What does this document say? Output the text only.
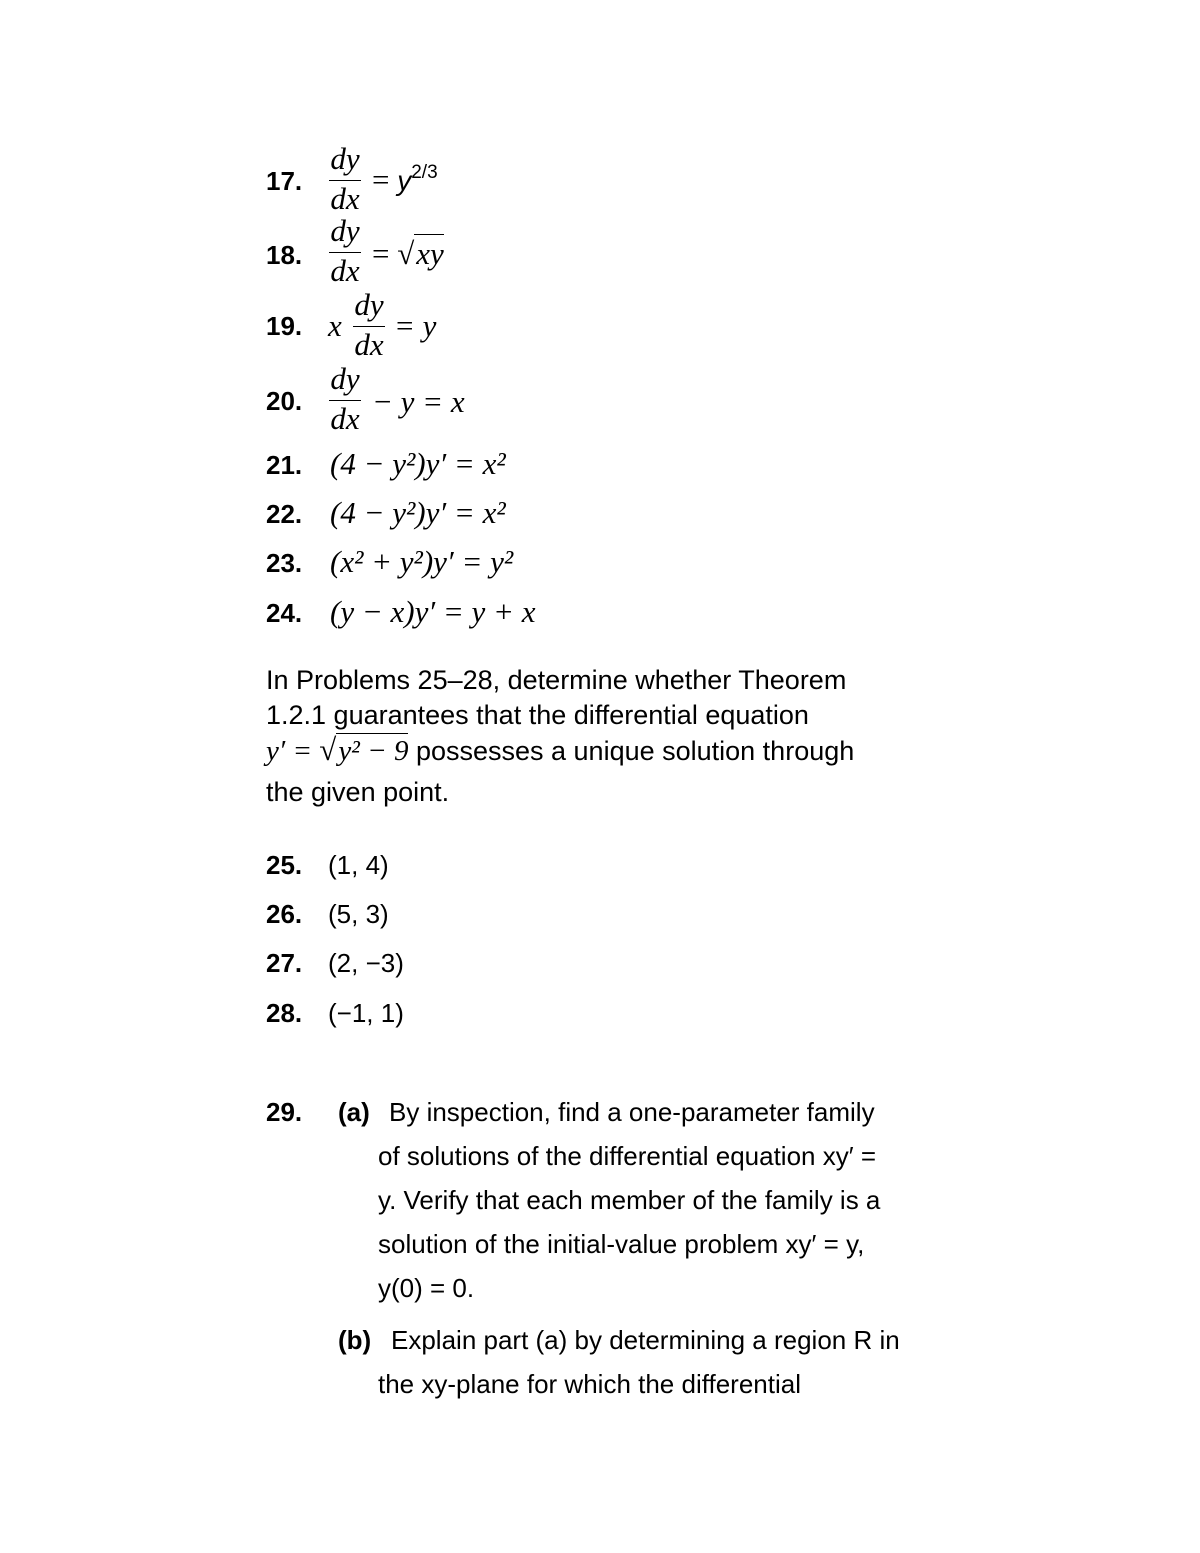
17.
18.
19.
20.
21.
22.
23.
24.
dy
dx
= $y^{2/3}$
dy
dx = √xy
x
dy
dx
= y
dy
dx − y = x
(4 − y²)y′ = x²
(4 − y²)y′ = x²
(x² + y²)y′ = y²
(y − x)y′ = y + x
In Problems 25–28, determine whether Theorem
1.2.1 guarantees that the differential equation
y′ = √y² − 9 possesses a unique solution through
the given point.
25. (1, 4)
26. (5, 3)
27. (2, −3)
28. (−1, 1)
29. (a) By inspection, find a one-parameter family
of solutions of the differential equation xy′ =
y. Verify that each member of the family is a
solution of the initial-value problem xy′ = y,
y(0) = 0.
(b) Explain part (a) by determining a region R in
the xy-plane for which the differential
